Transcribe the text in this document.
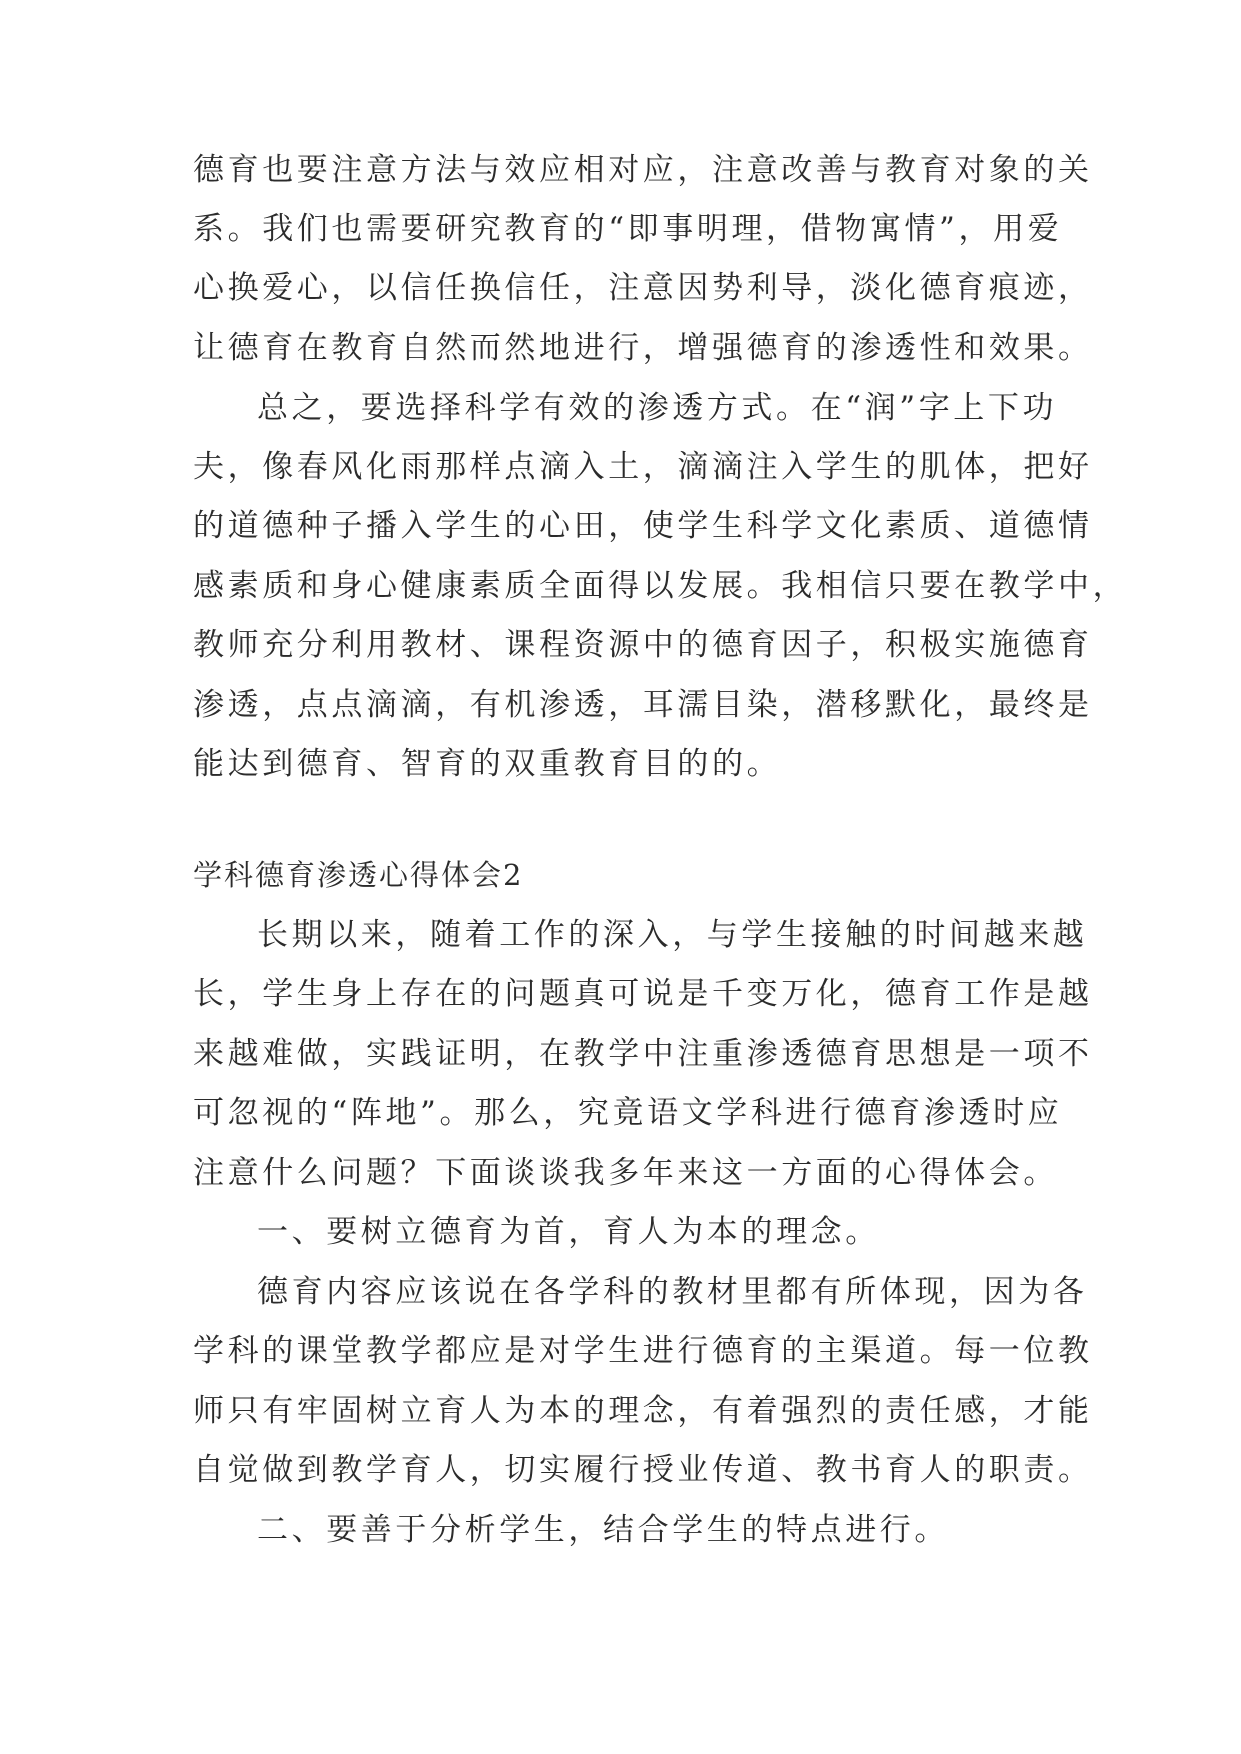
德育也要注意方法与效应相对应，注意改善与教育对象的关
系。我们也需要研究教育的“即事明理，借物寓情”，用爱
心换爱心，以信任换信任，注意因势利导，淡化德育痕迹，
让德育在教育自然而然地进行，增强德育的渗透性和效果。
总之，要选择科学有效的渗透方式。在“润”字上下功
夫，像春风化雨那样点滴入土，滴滴注入学生的肌体，把好
的道德种子播入学生的心田，使学生科学文化素质、道德情
感素质和身心健康素质全面得以发展。我相信只要在教学中，
教师充分利用教材、课程资源中的德育因子，积极实施德育
渗透，点点滴滴，有机渗透，耳濡目染，潜移默化，最终是
能达到德育、智育的双重教育目的的。
学科德育渗透心得体会2
长期以来，随着工作的深入，与学生接触的时间越来越
长，学生身上存在的问题真可说是千变万化，德育工作是越
来越难做，实践证明，在教学中注重渗透德育思想是一项不
可忽视的“阵地”。那么，究竟语文学科进行德育渗透时应
注意什么问题？下面谈谈我多年来这一方面的心得体会。
一、要树立德育为首，育人为本的理念。
德育内容应该说在各学科的教材里都有所体现，因为各
学科的课堂教学都应是对学生进行德育的主渠道。每一位教
师只有牢固树立育人为本的理念，有着强烈的责任感，才能
自觉做到教学育人，切实履行授业传道、教书育人的职责。
二、要善于分析学生，结合学生的特点进行。
